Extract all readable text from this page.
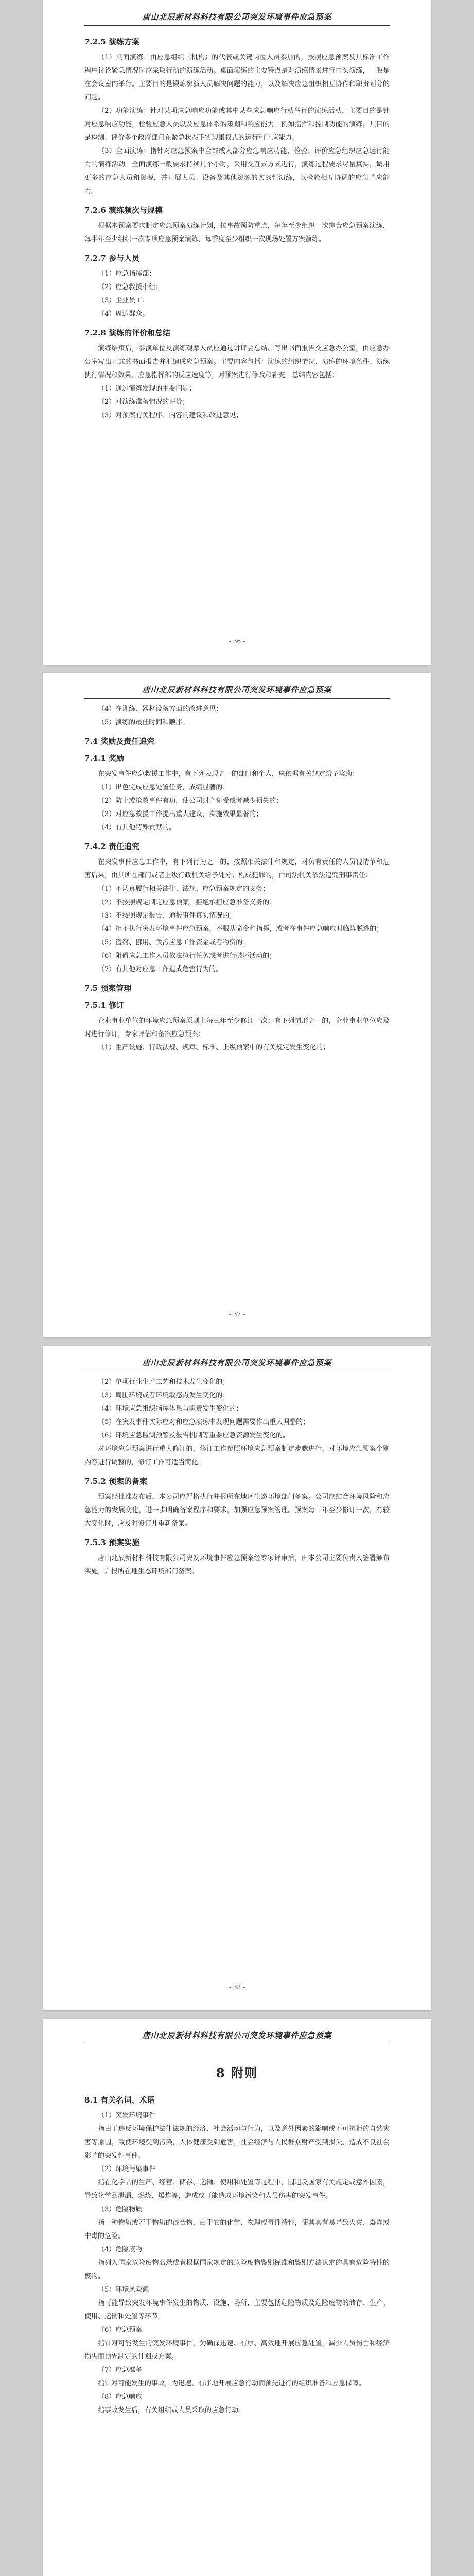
唐山北辰新材料科技有限公司突发环境事件应急预案
7.2.5 演练方案
（1）桌面演练：由应急组织（机构）的代表或关键岗位人员参加的，按照应急预案及其标准工作程序讨论紧急情况时应采取行动的演练活动。桌面演练的主要特点是对演练情景进行口头演练，一般是在会议室内举行。主要目的是锻炼参演人员解决问题的能力，以及解决应急组织相互协作和职责划分的问题。
（2）功能演练：针对某项应急响应功能或其中某些应急响应行动举行的演练活动，主要目的是针对应急响应功能，检验应急人员以及应急体系的策划和响应能力。例如指挥和控制功能的演练，其目的是检测、评价多个政府部门在紧急状态下实现集权式的运行和响应能力。
（3）全面演练：指针对应急预案中全部或大部分应急响应功能，检验、评价应急组织应急运行能力的演练活动。全面演练一般要求持续几个小时，采用交互式方式进行，演练过程要求尽量真实，调用更多的应急人员和资源，并开展人员、设备及其他资源的实战性演练，以检验相互协调的应急响应能力。
7.2.6 演练频次与规模
根据本预案要求制定应急预案演练计划，按事故预防重点，每年至少组织一次综合应急预案演练，每半年至少组织一次专项应急预案演练，每季度至少组织一次现场处置方案演练。
7.2.7 参与人员
（1）应急指挥部；
（2）应急救援小组；
（3）企业员工；
（4）周边群众。
7.2.8 演练的评价和总结
演练结束后，参演单位及演练观摩人员应通过讲评会总结、写出书面报告交应急办公室，由应急办公室写出正式的书面报告并汇编成应急预案。主要内容包括：演练的组织情况、演练的环境条件、演练执行情况和效果、应急指挥部的反应速度等，对预案进行修改和补充。总结内容包括：
（1）通过演练发现的主要问题；
（2）对演练准备情况的评价；
（3）对预案有关程序、内容的建议和改进意见；
- 36 -
唐山北辰新材料科技有限公司突发环境事件应急预案
（4）在训练、器材设备方面的改进意见；
（5）演练的最佳时间和顺序。
7.4 奖励及责任追究
7.4.1 奖励
在突发事件应急救援工作中，有下列表现之一的部门和个人，应依据有关规定给予奖励：
（1）出色完成应急处置任务，成绩显著的；
（2）防止或抢救事件有功，使公司财产免受或者减少损失的；
（3）对应急救援工作提出重大建议，实施效果显著的；
（4）有其他特殊贡献的。
7.4.2 责任追究
在突发事件应急工作中，有下列行为之一的，按照相关法律和规定，对负有责任的人员视情节和危害后果，由其所在部门或者上级行政机关给予处分；构成犯罪的，由司法机关依法追究刑事责任：
（1）不认真履行相关法律、法规、应急预案规定的义务；
（2）不按照规定制定应急预案，拒绝承担应急准备义务的；
（3）不按照规定报告、通报事件真实情况的；
（4）拒不执行突发环境事件应急预案，不服从命令和指挥，或者在事件应急响应时临阵脱逃的；
（5）盗窃、挪用、贪污应急工作资金或者物资的；
（6）阻碍应急工作人员依法执行任务或者进行破坏活动的；
（7）有其他对应急工作造成危害行为的。
7.5 预案管理
7.5.1 修订
企业事业单位的环境应急预案原则上每三年至少修订一次；有下列情形之一的，企业事业单位应及时进行修订，专家评估和备案应急预案：
（1）生产设施、行政法规、规章、标准、上级预案中的有关规定发生变化的；
- 37 -
唐山北辰新材料科技有限公司突发环境事件应急预案
（2）单项行业生产工艺和技术发生变化的；
（3）周围环境或者环境敏感点发生变化的；
（4）环境应急组织指挥体系与职责发生变化的；
（5）在突发事件实际应对和应急演练中发现问题需要作出重大调整的；
（6）环境应急监测预警及报告机制等重要应急资源发生变化的。
对环境应急预案进行重大修订的，修订工作参照环境应急预案制定步骤进行。对环境应急预案个别内容进行调整的，修订工作可适当简化。
7.5.2 预案的备案
预案经批准发布后，本公司应严格执行并报所在地区生态环境部门备案。公司应结合环境风险和应急能力的发展变化，进一步明确备案程序和要求，加强应急预案管理。预案每三年至少修订一次，有较大变化时，应及时修订并重新备案。
7.5.3 预案实施
唐山北辰新材料科技有限公司突发环境事件应急预案经专家评审后，由本公司主要负责人签署颁布实施，并报所在地生态环境部门备案。
- 38 -
唐山北辰新材料科技有限公司突发环境事件应急预案
8 附则
8.1 有关名词、术语
（1）突发环境事件
指由于违反环境保护法律法规的经济、社会活动与行为，以及意外因素的影响或不可抗拒的自然灾害等原因，致使环境受到污染，人体健康受到危害，社会经济与人民群众财产受到损失，造成不良社会影响的突发性事件。
（2）环境污染事件
指在化学品的生产、经营、储存、运输、使用和处置等过程中，因违反国家有关规定或意外因素，导致化学品泄漏、燃烧、爆炸等，造成或可能造成环境污染和人员伤害的突发事件。
（3）危险物质
指一种物质或若干物质的混合物，由于它的化学、物理或毒性特性，使其具有易导致火灾、爆炸或中毒的危险。
（4）危险废物
指列入国家危险废物名录或者根据国家规定的危险废物鉴别标准和鉴别方法认定的具有危险特性的废物。
（5）环境风险源
指可能导致突发环境事件发生的物质、设施、场所，主要包括危险物质及危险废物的储存、生产、使用、运输和处置等环节。
（6）应急预案
指针对可能发生的突发环境事件，为确保迅速、有序、高效地开展应急处置，减少人员伤亡和经济损失而预先制定的计划或方案。
（7）应急准备
指针对可能发生的事故，为迅速、有序地开展应急行动而预先进行的组织准备和应急保障。
（8）应急响应
指事故发生后，有关组织或人员采取的应急行动。
